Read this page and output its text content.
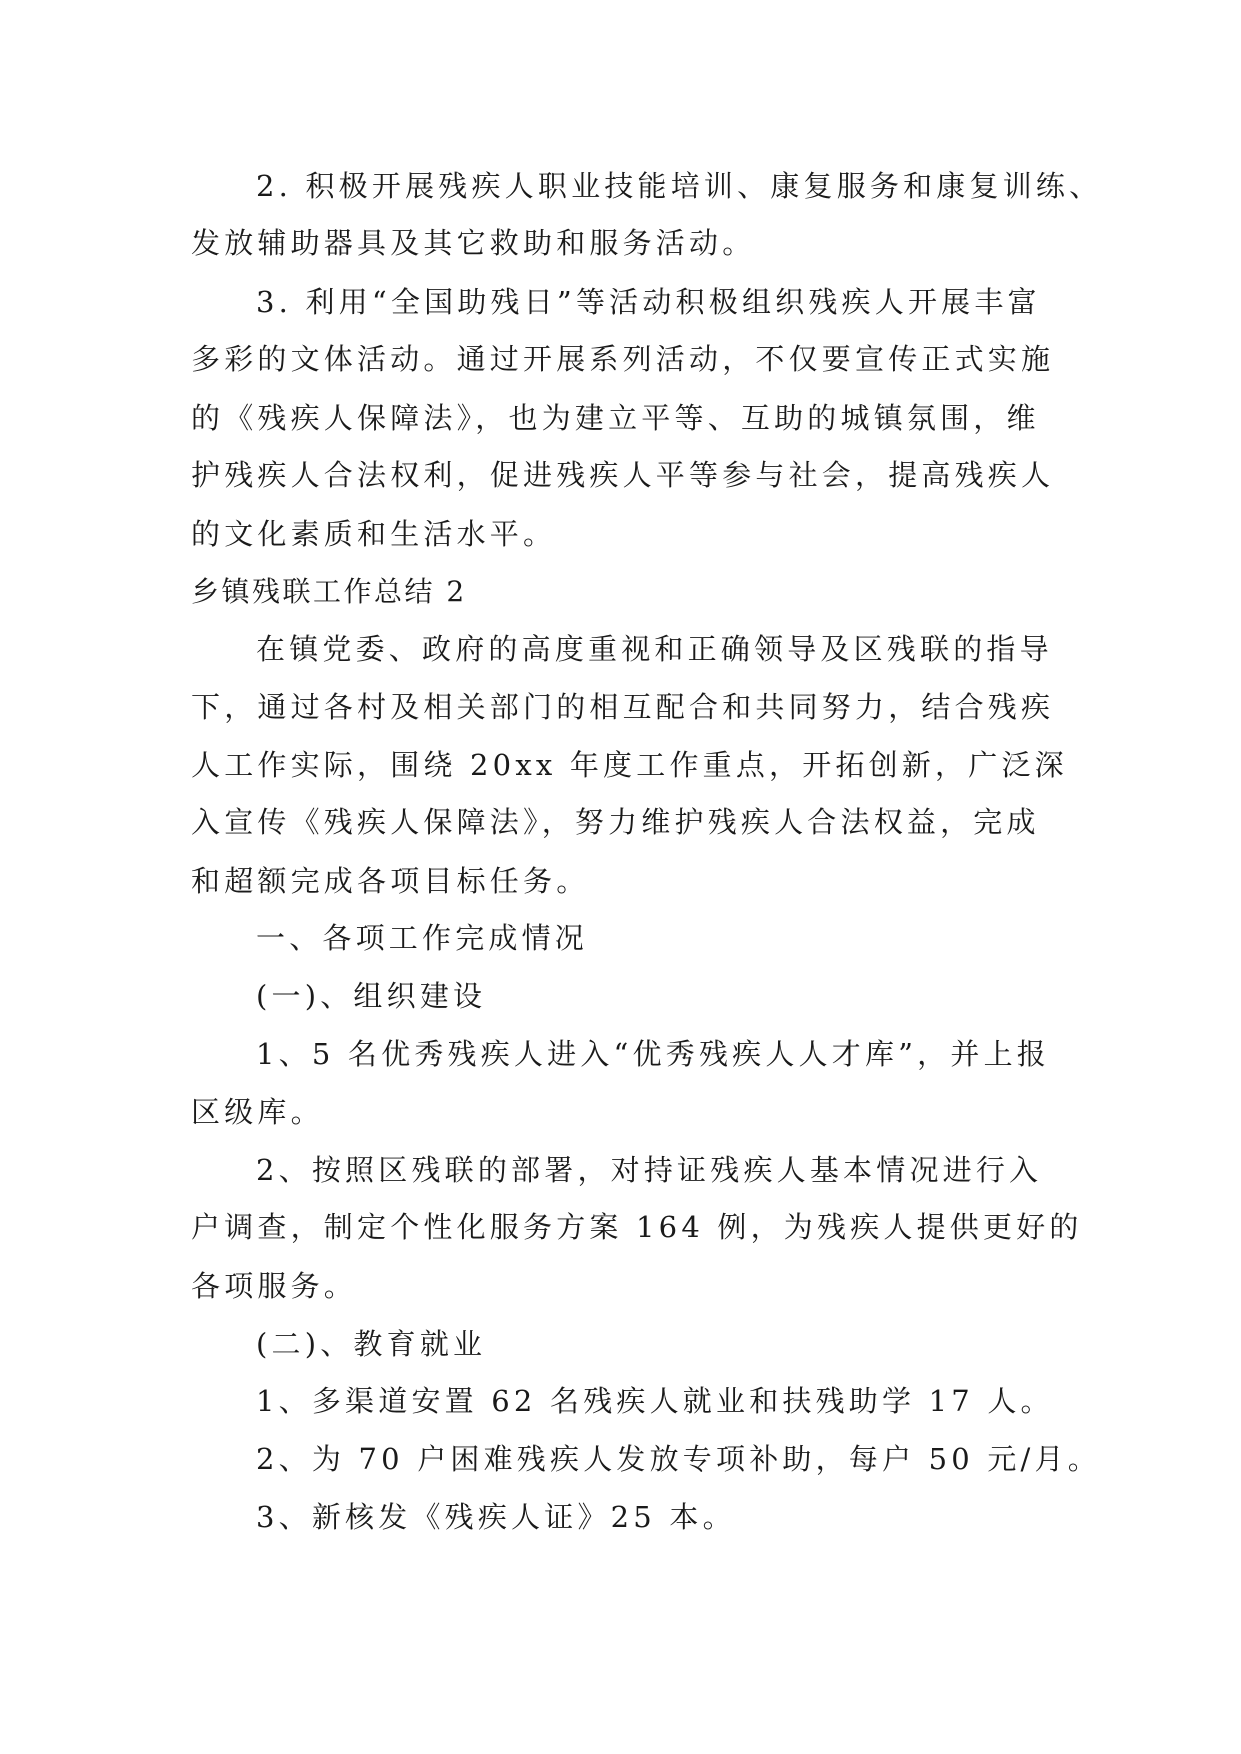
2. 积极开展残疾人职业技能培训、康复服务和康复训练、
发放辅助器具及其它救助和服务活动。
3. 利用“全国助残日”等活动积极组织残疾人开展丰富
多彩的文体活动。通过开展系列活动，不仅要宣传正式实施
的《残疾人保障法》，也为建立平等、互助的城镇氛围，维
护残疾人合法权利，促进残疾人平等参与社会，提高残疾人
的文化素质和生活水平。
乡镇残联工作总结 2
在镇党委、政府的高度重视和正确领导及区残联的指导
下，通过各村及相关部门的相互配合和共同努力，结合残疾
人工作实际，围绕 20xx 年度工作重点，开拓创新，广泛深
入宣传《残疾人保障法》，努力维护残疾人合法权益，完成
和超额完成各项目标任务。
一、各项工作完成情况
(一)、组织建设
1、5 名优秀残疾人进入“优秀残疾人人才库”，并上报
区级库。
2、按照区残联的部署，对持证残疾人基本情况进行入
户调查，制定个性化服务方案 164 例，为残疾人提供更好的
各项服务。
(二)、教育就业
1、多渠道安置 62 名残疾人就业和扶残助学 17 人。
2、为 70 户困难残疾人发放专项补助，每户 50 元/月。
3、新核发《残疾人证》25 本。
